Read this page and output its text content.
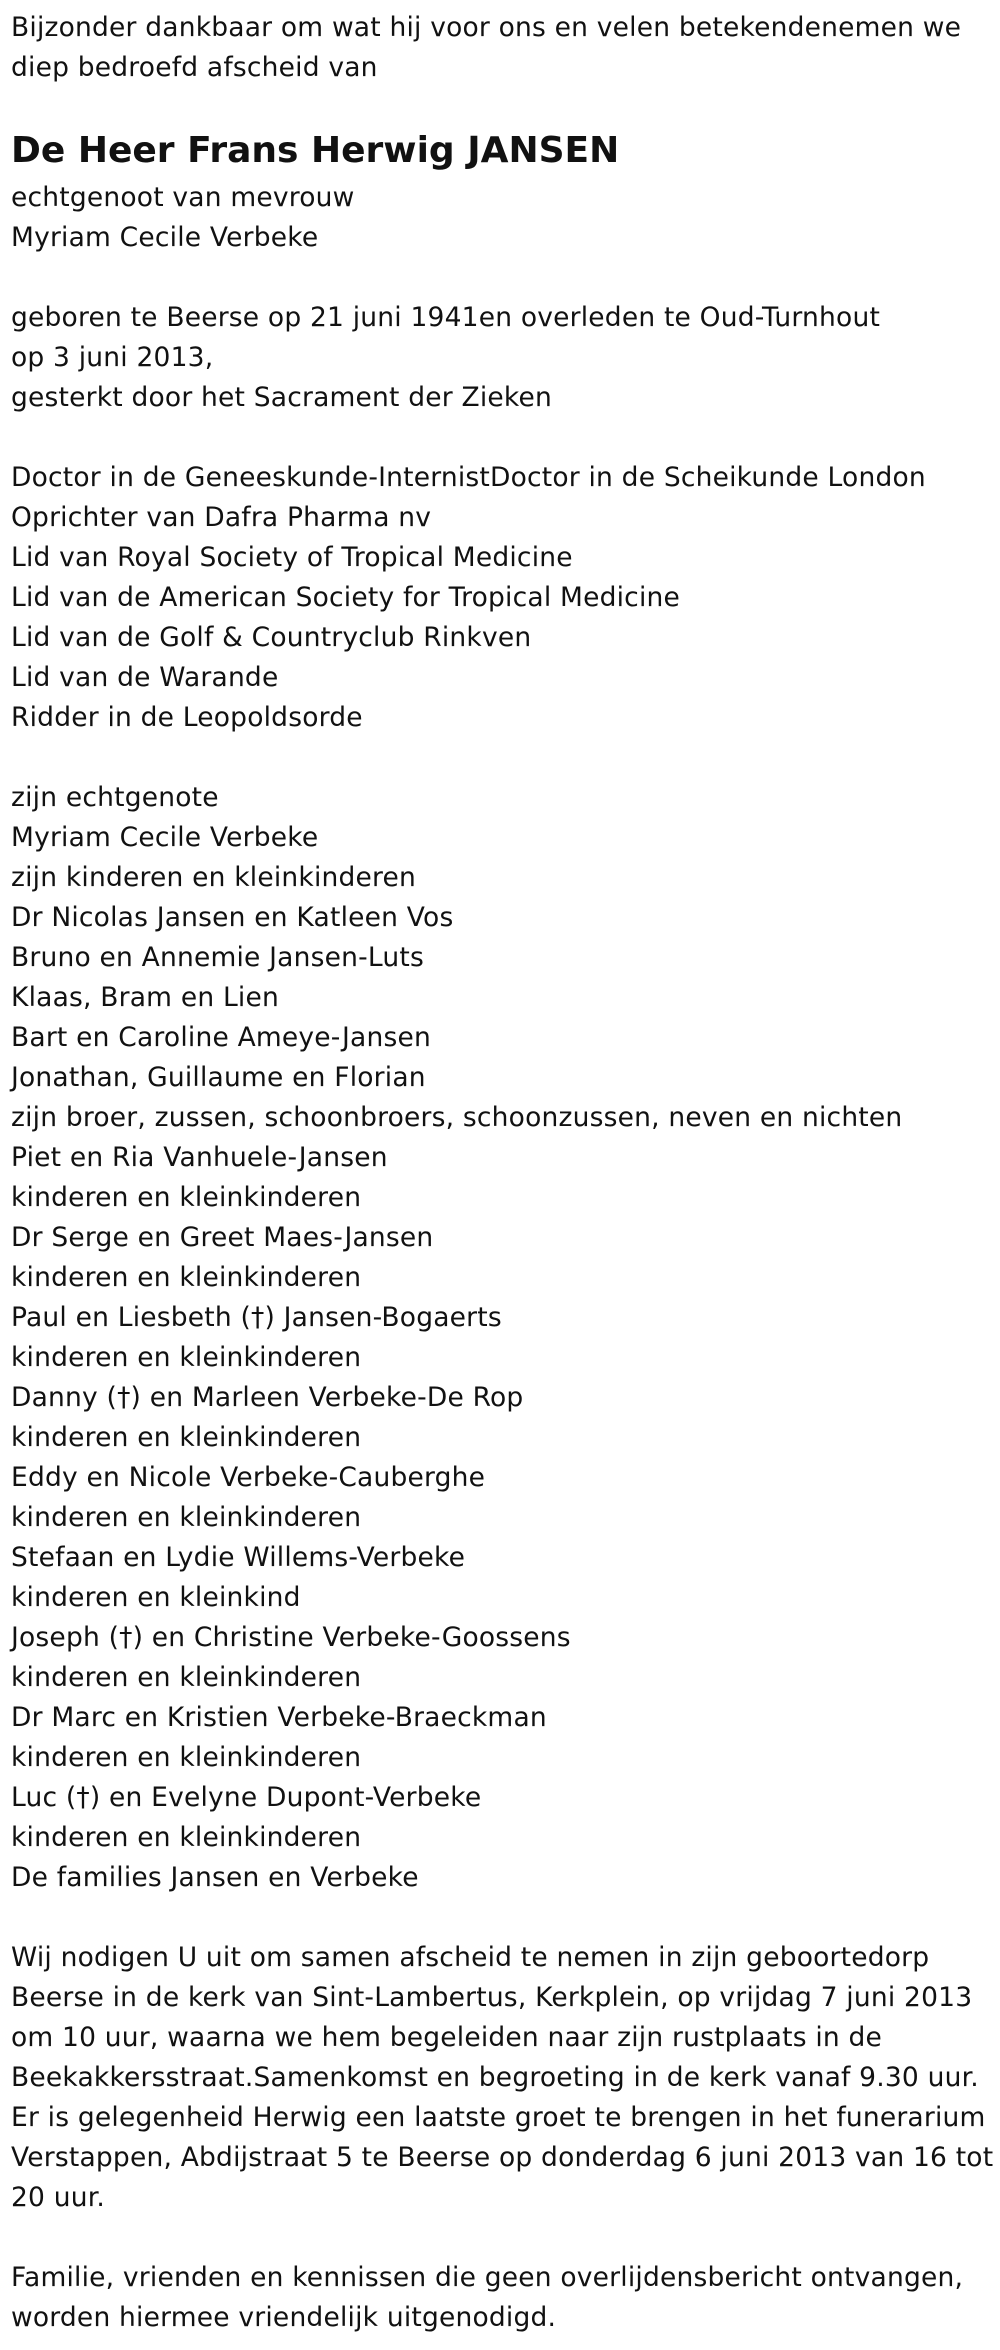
Bijzonder dankbaar om wat hij voor ons en velen betekendenemen we
diep bedroefd afscheid van
De Heer Frans Herwig JANSEN
echtgenoot van mevrouw
Myriam Cecile Verbeke
geboren te Beerse op 21 juni 1941en overleden te Oud-Turnhout
op 3 juni 2013,
gesterkt door het Sacrament der Zieken
Doctor in de Geneeskunde-InternistDoctor in de Scheikunde London
Oprichter van Dafra Pharma nv
Lid van Royal Society of Tropical Medicine
Lid van de American Society for Tropical Medicine
Lid van de Golf & Countryclub Rinkven
Lid van de Warande
Ridder in de Leopoldsorde
zijn echtgenote
Myriam Cecile Verbeke
zijn kinderen en kleinkinderen
Dr Nicolas Jansen en Katleen Vos
Bruno en Annemie Jansen-Luts
Klaas, Bram en Lien
Bart en Caroline Ameye-Jansen
Jonathan, Guillaume en Florian
zijn broer, zussen, schoonbroers, schoonzussen, neven en nichten
Piet en Ria Vanhuele-Jansen
kinderen en kleinkinderen
Dr Serge en Greet Maes-Jansen
kinderen en kleinkinderen
Paul en Liesbeth (†) Jansen-Bogaerts
kinderen en kleinkinderen
Danny (†) en Marleen Verbeke-De Rop
kinderen en kleinkinderen
Eddy en Nicole Verbeke-Cauberghe
kinderen en kleinkinderen
Stefaan en Lydie Willems-Verbeke
kinderen en kleinkind
Joseph (†) en Christine Verbeke-Goossens
kinderen en kleinkinderen
Dr Marc en Kristien Verbeke-Braeckman
kinderen en kleinkinderen
Luc (†) en Evelyne Dupont-Verbeke
kinderen en kleinkinderen
De families Jansen en Verbeke
Wij nodigen U uit om samen afscheid te nemen in zijn geboortedorp
Beerse in de kerk van Sint-Lambertus, Kerkplein, op vrijdag 7 juni 2013
om 10 uur, waarna we hem begeleiden naar zijn rustplaats in de
Beekakkersstraat.Samenkomst en begroeting in de kerk vanaf 9.30 uur.
Er is gelegenheid Herwig een laatste groet te brengen in het funerarium
Verstappen, Abdijstraat 5 te Beerse op donderdag 6 juni 2013 van 16 tot
20 uur.
Familie, vrienden en kennissen die geen overlijdensbericht ontvangen,
worden hiermee vriendelijk uitgenodigd.
